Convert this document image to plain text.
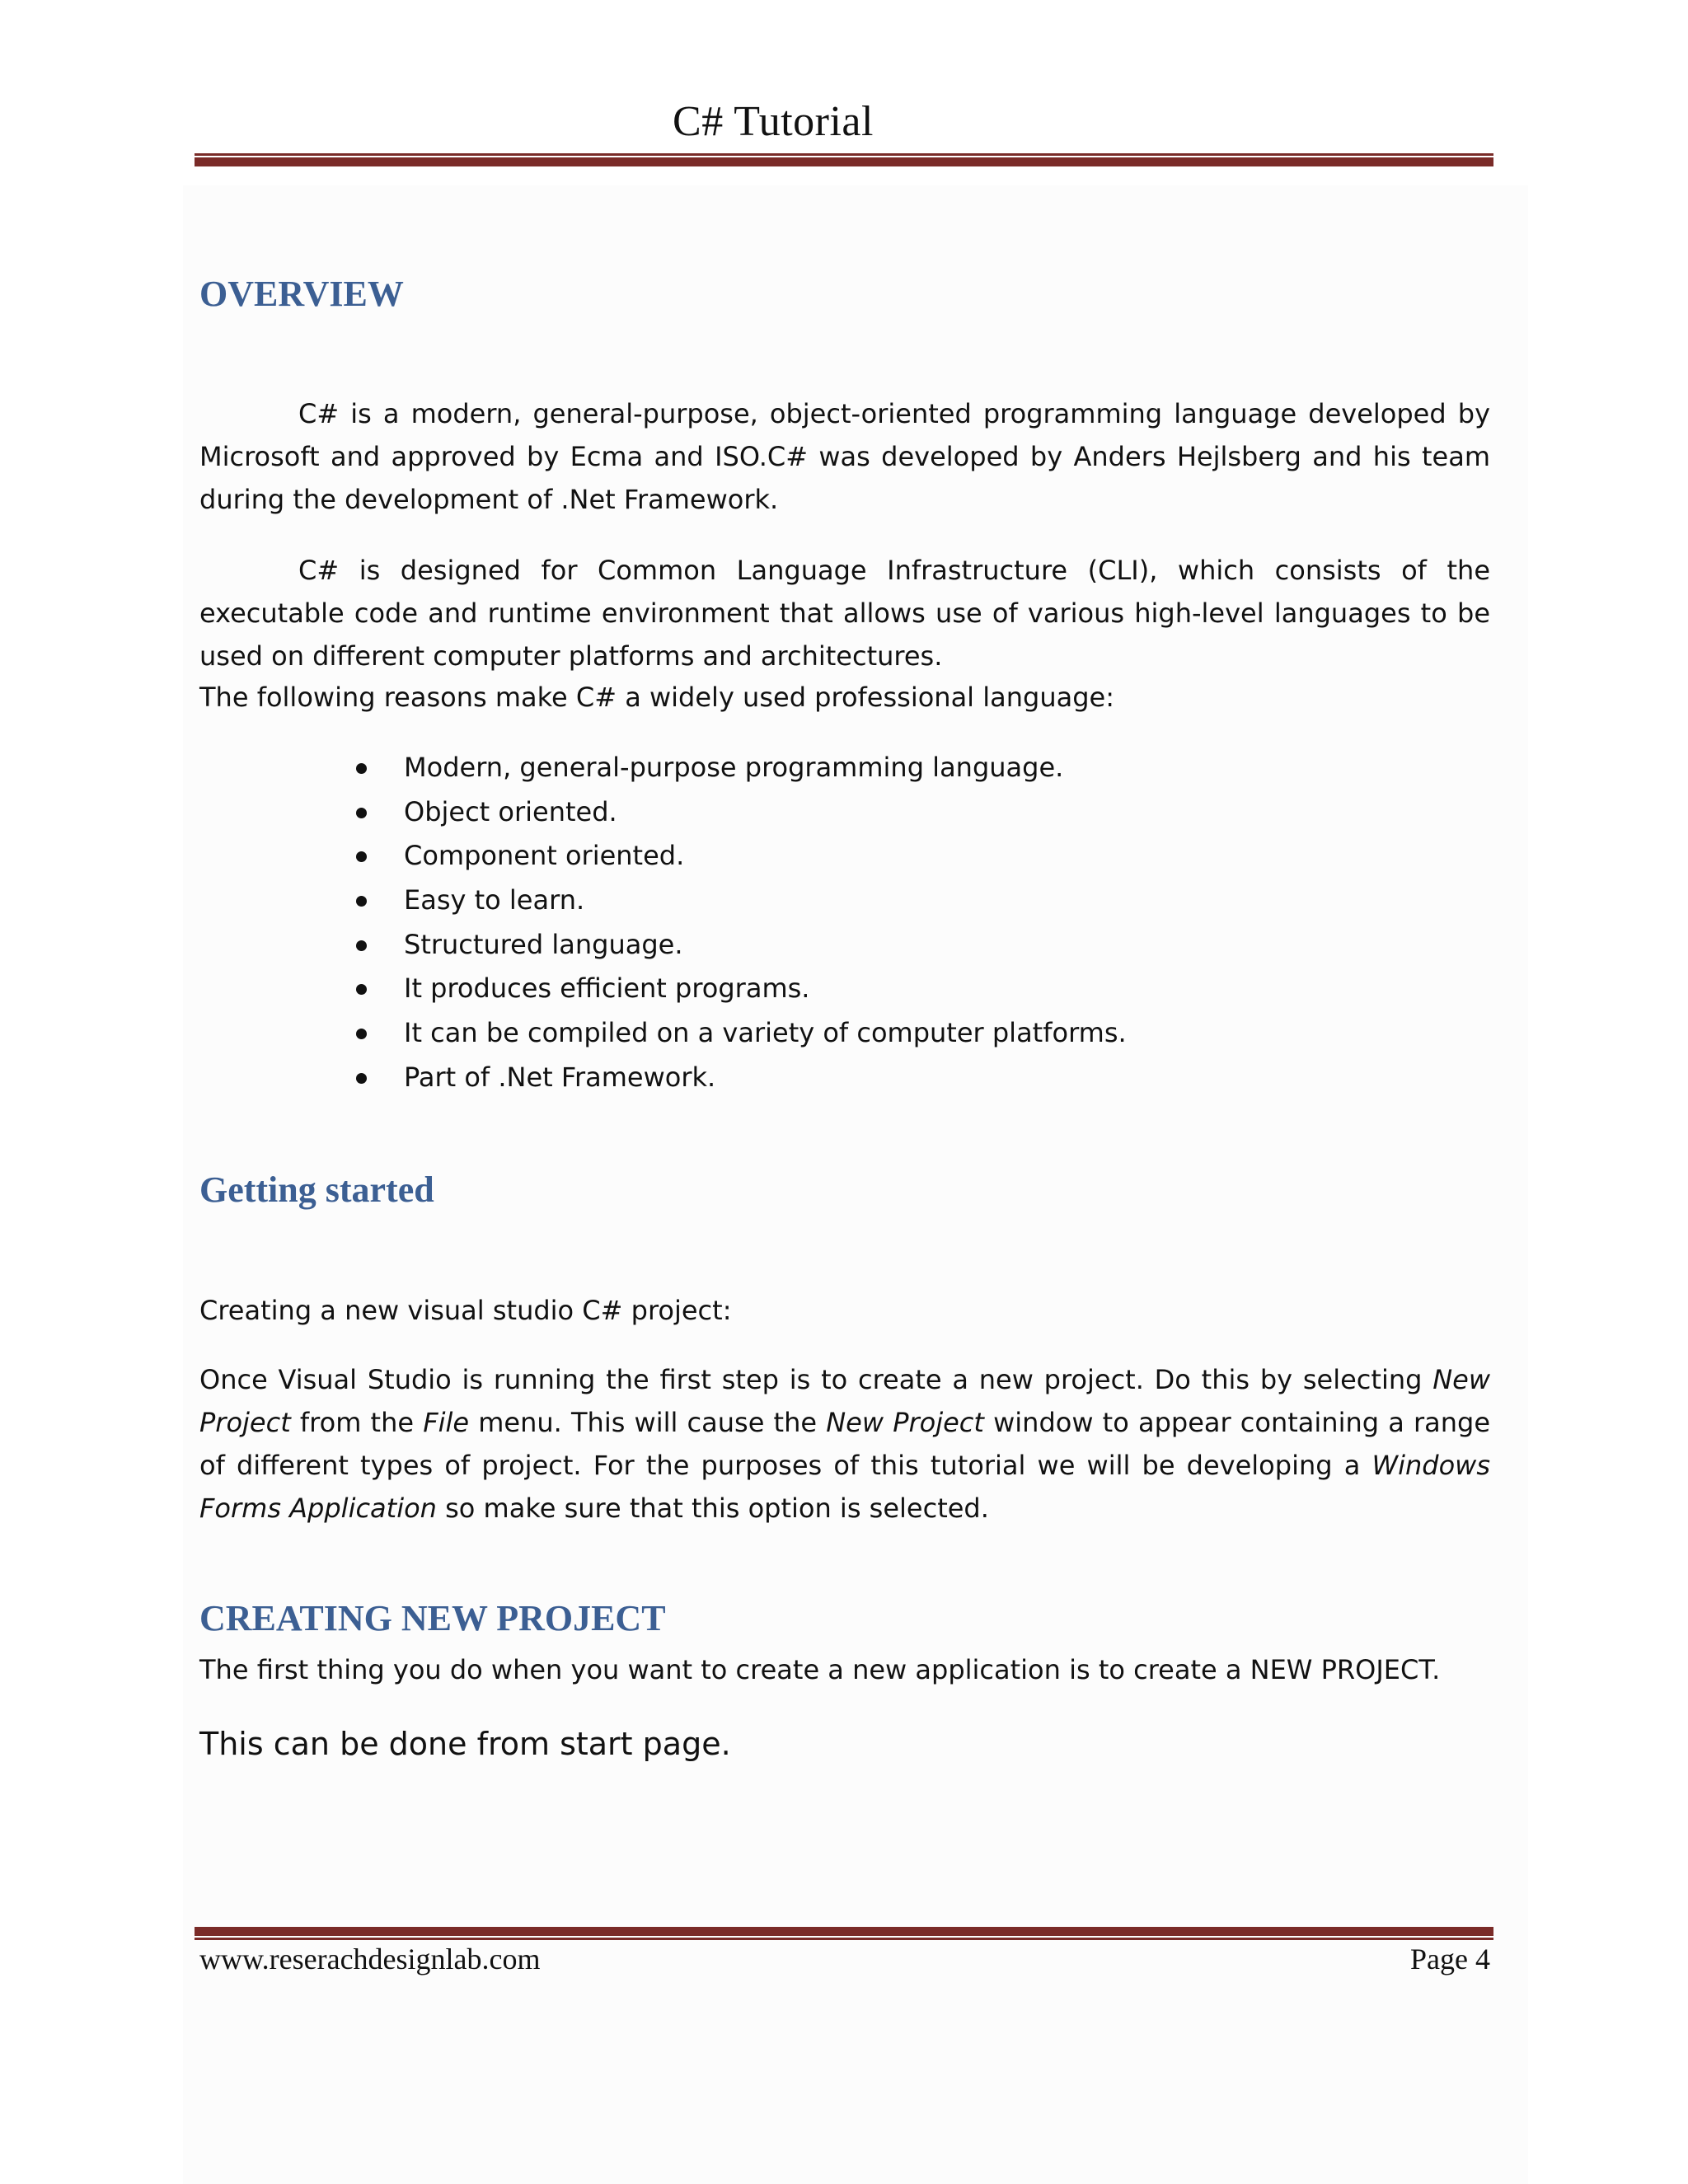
C# Tutorial
OVERVIEW

C# is a modern, general-purpose, object-oriented programming language developed by Microsoft and approved by Ecma and ISO.C# was developed by Anders Hejlsberg and his team during the development of .Net Framework.

C# is designed for Common Language Infrastructure (CLI), which consists of the executable code and runtime environment that allows use of various high-level languages to be used on different computer platforms and architectures.

The following reasons make C# a widely used professional language:

Modern, general-purpose programming language.
Object oriented.
Component oriented.
Easy to learn.
Structured language.
It produces efficient programs.
It can be compiled on a variety of computer platforms.
Part of .Net Framework.
Getting started

Creating a new visual studio C# project:

Once Visual Studio is running the first step is to create a new project. Do this by selecting New Project from the File menu. This will cause the New Project window to appear containing a range of different types of project. For the purposes of this tutorial we will be developing a Windows Forms Application so make sure that this option is selected.

CREATING NEW PROJECT

The first thing you do when you want to create a new application is to create a NEW PROJECT.

This can be done from start page.

www.reserachdesignlab.com	Page 4
